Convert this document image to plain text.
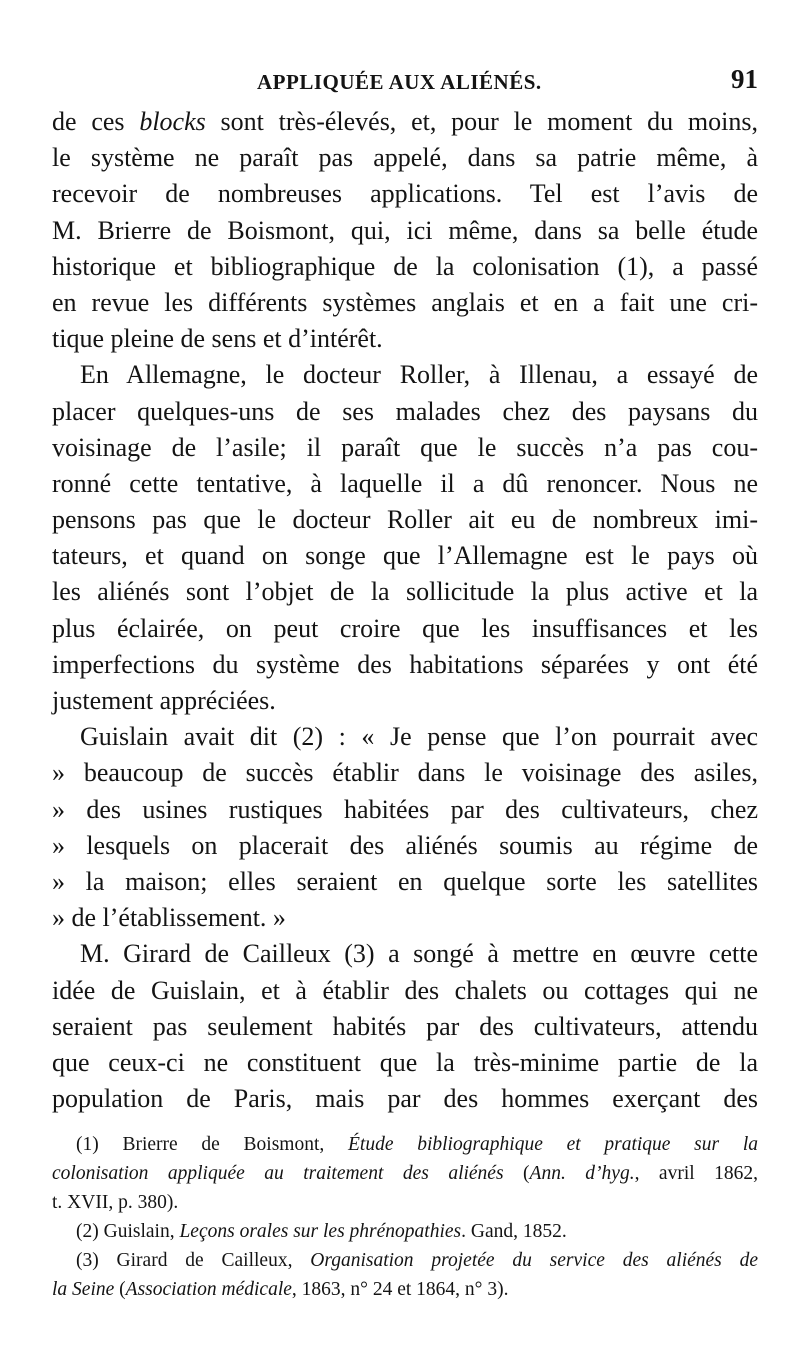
APPLIQUÉE AUX ALIÉNÉS.	91
de ces blocks sont très-élevés, et, pour le moment du moins,
le système ne paraît pas appelé, dans sa patrie même, à
recevoir de nombreuses applications. Tel est l’avis de
M. Brierre de Boismont, qui, ici même, dans sa belle étude
historique et bibliographique de la colonisation (1), a passé
en revue les différents systèmes anglais et en a fait une cri-
tique pleine de sens et d’intérêt.
En Allemagne, le docteur Roller, à Illenau, a essayé de
placer quelques-uns de ses malades chez des paysans du
voisinage de l’asile; il paraît que le succès n’a pas cou-
ronné cette tentative, à laquelle il a dû renoncer. Nous ne
pensons pas que le docteur Roller ait eu de nombreux imi-
tateurs, et quand on songe que l’Allemagne est le pays où
les aliénés sont l’objet de la sollicitude la plus active et la
plus éclairée, on peut croire que les insuffisances et les
imperfections du système des habitations séparées y ont été
justement appréciées.
Guislain avait dit (2) : « Je pense que l’on pourrait avec
» beaucoup de succès établir dans le voisinage des asiles,
» des usines rustiques habitées par des cultivateurs, chez
» lesquels on placerait des aliénés soumis au régime de
» la maison; elles seraient en quelque sorte les satellites
» de l’établissement. »
M. Girard de Cailleux (3) a songé à mettre en œuvre cette
idée de Guislain, et à établir des chalets ou cottages qui ne
seraient pas seulement habités par des cultivateurs, attendu
que ceux-ci ne constituent que la très-minime partie de la
population de Paris, mais par des hommes exerçant des
(1) Brierre de Boismont, Étude bibliographique et pratique sur la
colonisation appliquée au traitement des aliénés (Ann. d’hyg., avril 1862,
t. XVII, p. 380).
(2) Guislain, Leçons orales sur les phrénopathies. Gand, 1852.
(3) Girard de Cailleux, Organisation projetée du service des aliénés de
la Seine (Association médicale, 1863, n° 24 et 1864, n° 3).
